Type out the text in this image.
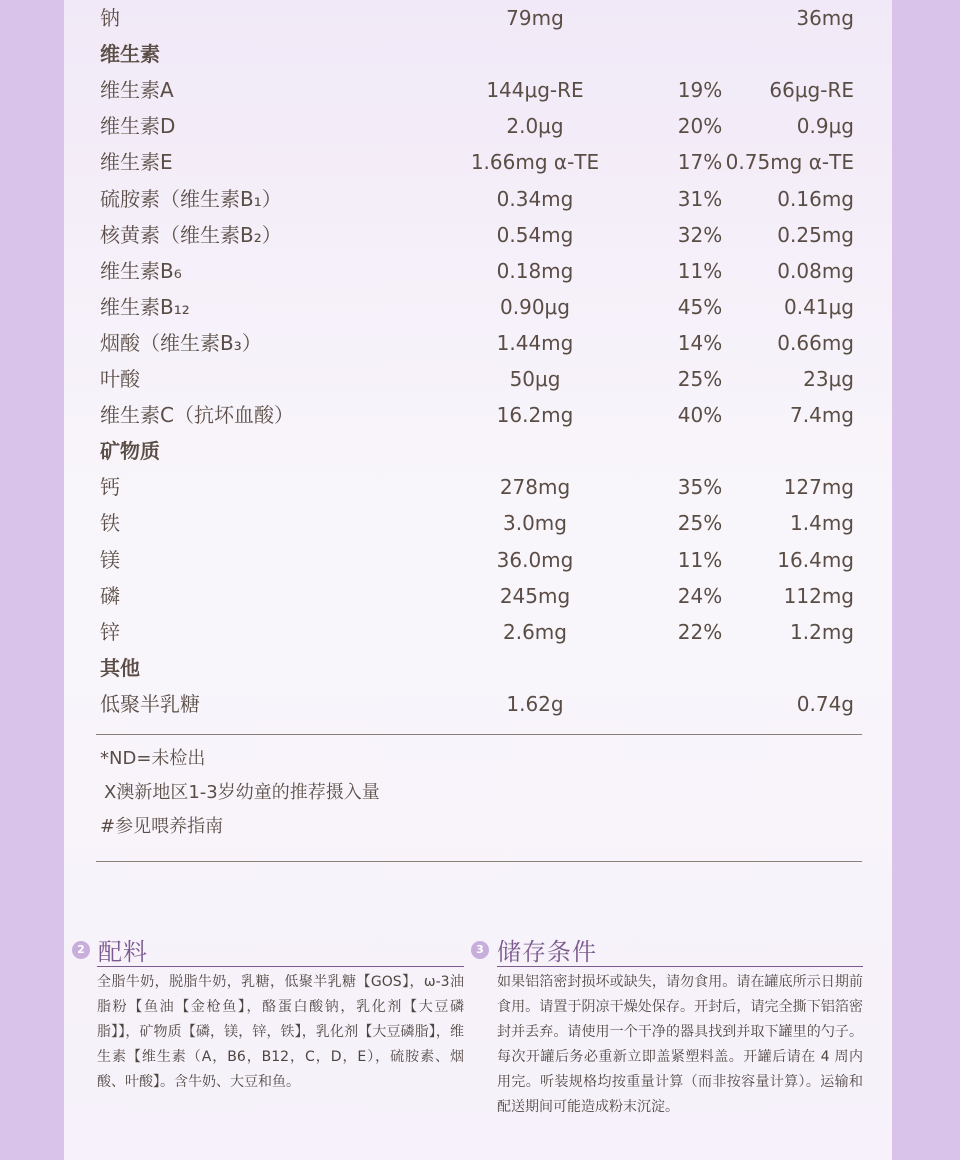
钠	79mg	36mg
维生素
维生素A	144μg-RE	19%	66μg-RE
维生素D	2.0μg	20%	0.9μg
维生素E	1.66mg α-TE	17% 0.75mg α-TE
硫胺素（维生素B₁）	0.34mg	31%	0.16mg
核黄素（维生素B₂）	0.54mg	32%	0.25mg
维生素B₆	0.18mg	11%	0.08mg
维生素B₁₂	0.90μg	45%	0.41μg
烟酸（维生素B₃）	1.44mg	14%	0.66mg
叶酸	50μg	25%	23μg
维生素C（抗坏血酸）	16.2mg	40%	7.4mg
矿物质
钙	278mg	35%	127mg
铁	3.0mg	25%	1.4mg
镁	36.0mg	11%	16.4mg
磷	245mg	24%	112mg
锌	2.6mg	22%	1.2mg
其他
低聚半乳糖	1.62g	0.74g
*ND=未检出
X澳新地区1-3岁幼童的推荐摄入量
#参见喂养指南
2 配料
全脂牛奶，脱脂牛奶，乳糖，低聚半乳糖【GOS】，ω-3油脂粉【鱼油【金枪鱼】，酪蛋白酸钠，乳化剂【大豆磷脂】】，矿物质【磷，镁，锌，铁】，乳化剂【大豆磷脂】，维生素【维生素（A，B6，B12，C，D，E），硫胺素、烟酸、叶酸】。含牛奶、大豆和鱼。
3 储存条件
如果铝箔密封损坏或缺失，请勿食用。请在罐底所示日期前食用。请置于阴凉干燥处保存。开封后，请完全撕下铝箔密封并丢弃。请使用一个干净的器具找到并取下罐里的勺子。每次开罐后务必重新立即盖紧塑料盖。开罐后请在 4 周内用完。听装规格均按重量计算（而非按容量计算）。运输和配送期间可能造成粉末沉淀。
